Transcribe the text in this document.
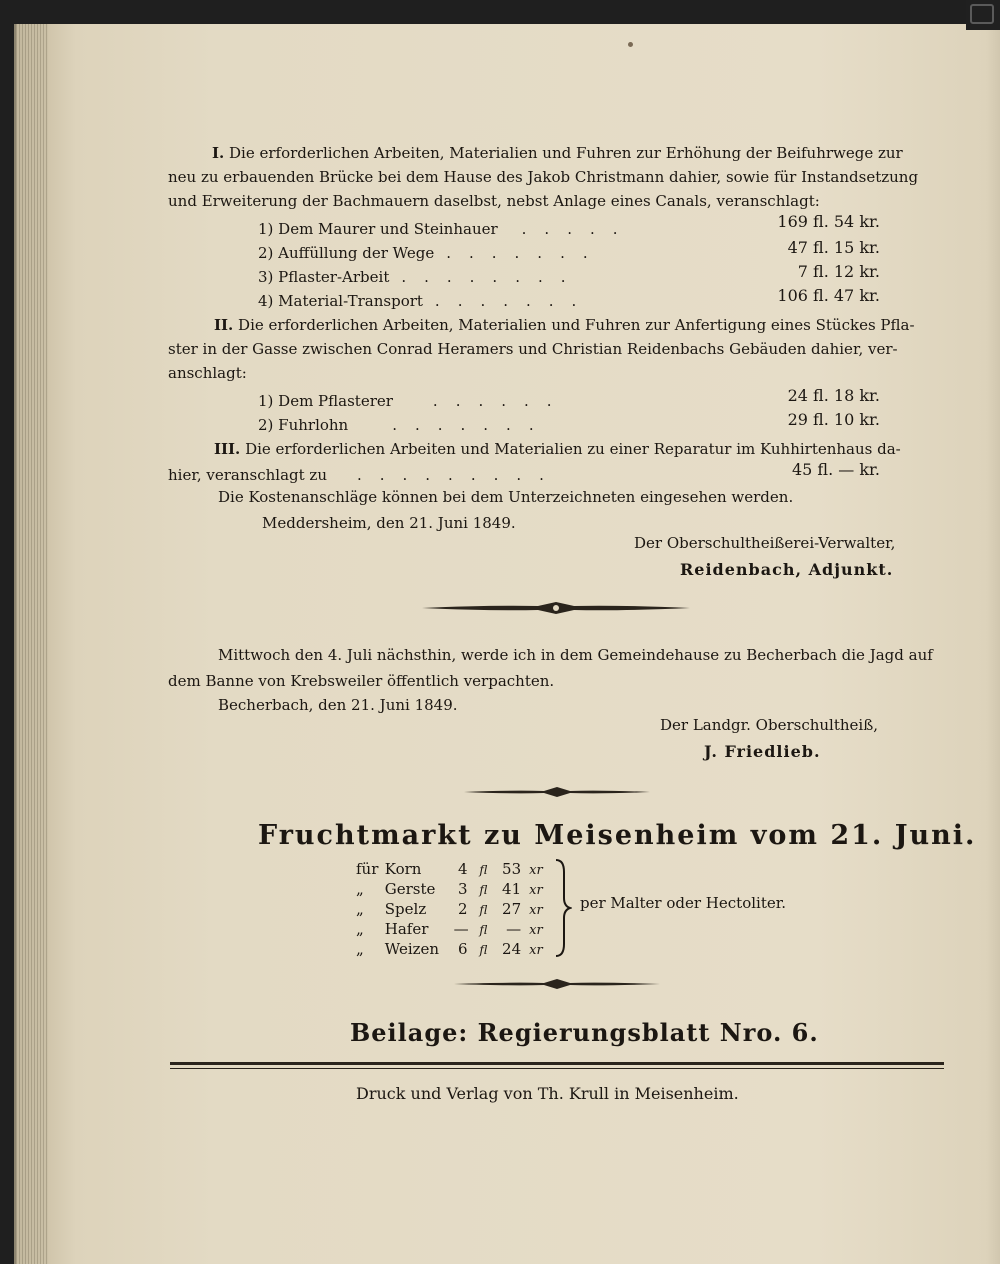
I. Die erforderlichen Arbeiten, Materialien und Fuhren zur Erhöhung der Beifuhrwege zur
neu zu erbauenden Brücke bei dem Hause des Jakob Christmann dahier, sowie für Instandsetzung
und Erweiterung der Bachmauern daselbst, nebst Anlage eines Canals, veranschlagt:
1) Dem Maurer und Steinhauer .....	169 fl. 54 kr.
2) Auffüllung der Wege .......	47 fl. 15 kr.
3) Pflaster-Arbeit ........	7 fl. 12 kr.
4) Material-Transport .......	106 fl. 47 kr.
II. Die erforderlichen Arbeiten, Materialien und Fuhren zur Anfertigung eines Stückes Pfla-
ster in der Gasse zwischen Conrad Heramers und Christian Reidenbachs Gebäuden dahier, ver-
anschlagt:
1) Dem Pflasterer	......	24 fl. 18 kr.
2) Fuhrlohn	.......	29 fl. 10 kr.
III. Die erforderlichen Arbeiten und Materialien zu einer Reparatur im Kuhhirtenhaus da-
hier, veranschlagt zu .........	45 fl. — kr.
Die Kostenanschläge können bei dem Unterzeichneten eingesehen werden.
Meddersheim, den 21. Juni 1849.
Der Oberschultheißerei-Verwalter,
Reidenbach, Adjunkt.
Mittwoch den 4. Juli nächsthin, werde ich in dem Gemeindehause zu Becherbach die Jagd auf
dem Banne von Krebsweiler öffentlich verpachten.
Becherbach, den 21. Juni 1849.
Der Landgr. Oberschultheiß,
J. Friedlieb.
Fruchtmarkt zu Meisenheim vom 21. Juni.
für Korn 4 fl 53 xr
„ Gerste 3 fl 41 xr
„ Spelz 2 fl 27 xr
„ Hafer — fl — xr
„ Weizen 6 fl 24 xr
per Malter oder Hectoliter.
Beilage: Regierungsblatt Nro. 6.
Druck und Verlag von Th. Krull in Meisenheim.
